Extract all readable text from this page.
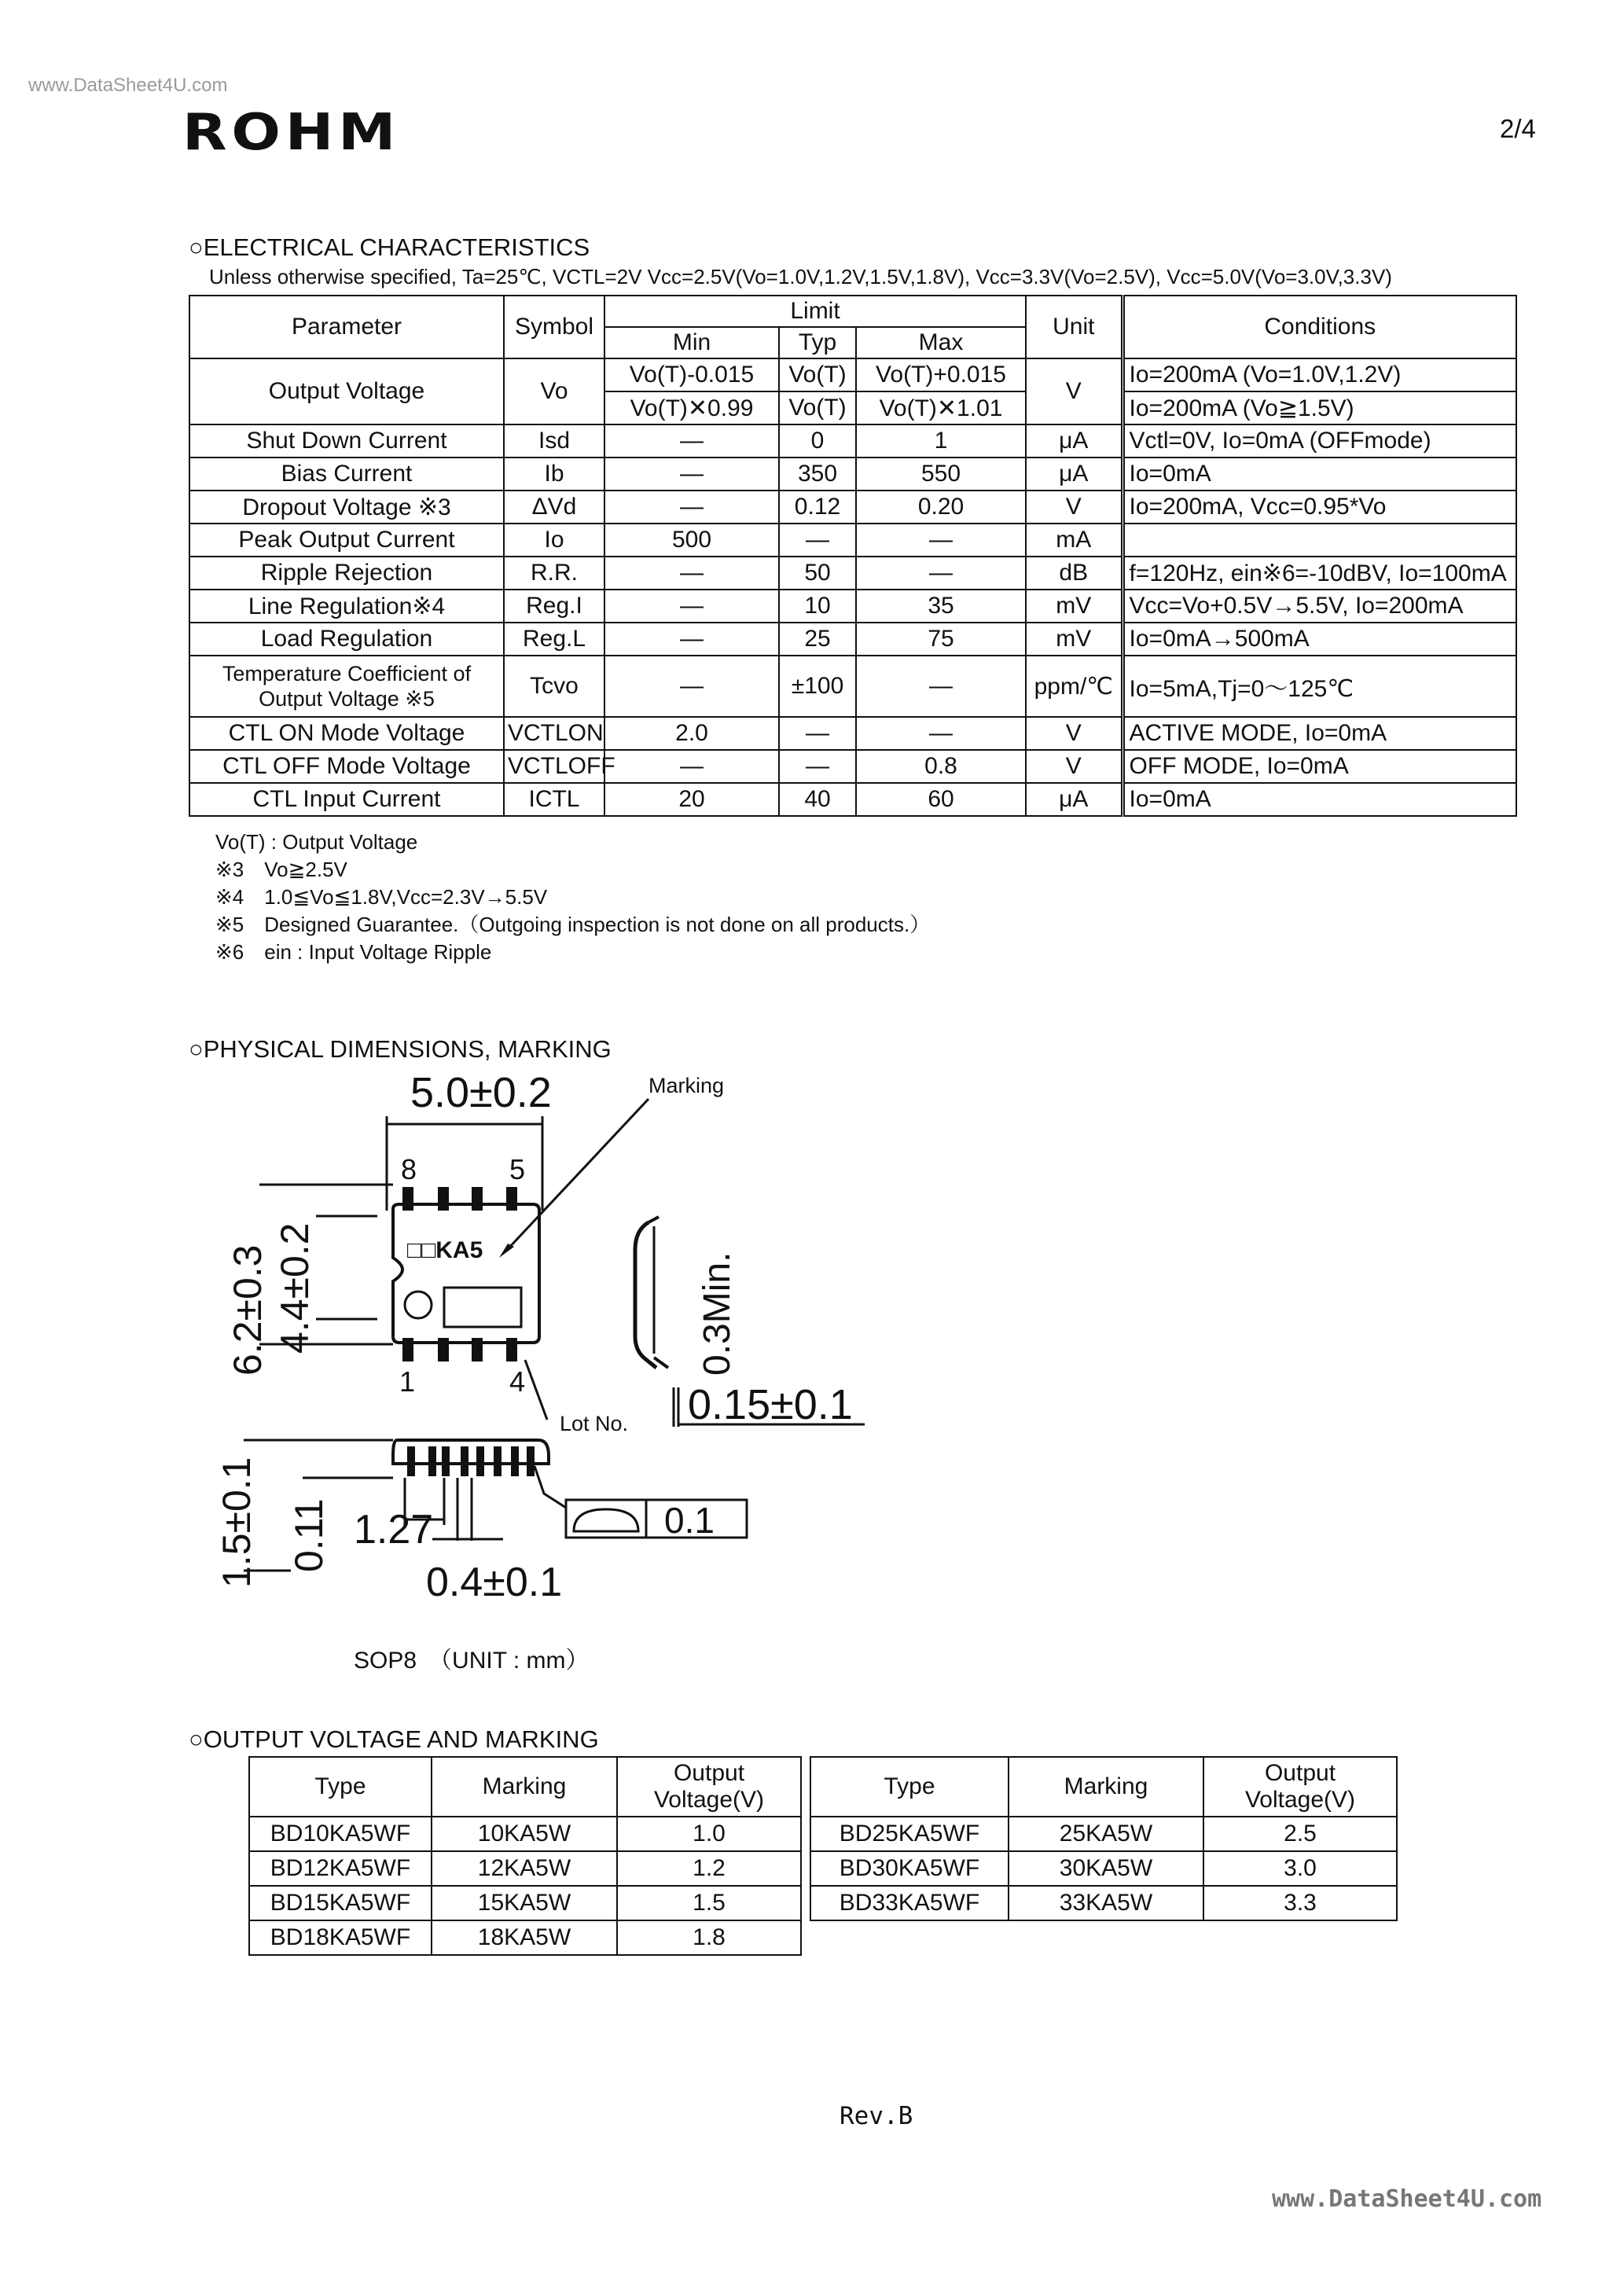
www.DataSheet4U.com
ROHM	2/4
○ELECTRICAL CHARACTERISTICS
Unless otherwise specified, Ta=25℃, VCTL=2V Vcc=2.5V(Vo=1.0V,1.2V,1.5V,1.8V), Vcc=3.3V(Vo=2.5V), Vcc=5.0V(Vo=3.0V,3.3V)
Parameter	Symbol	Limit			Unit	Conditions
		Min	Typ	Max		
Output Voltage	Vo	Vo(T)-0.015	Vo(T)	Vo(T)+0.015	V	Io=200mA (Vo=1.0V,1.2V)
		Vo(T)✕0.99	Vo(T)	Vo(T)✕1.01		Io=200mA (Vo≧1.5V)
Shut Down Current	Isd	—	0	1	μA	Vctl=0V, Io=0mA (OFFmode)
Bias Current	Ib	—	350	550	μA	Io=0mA
Dropout Voltage ※3	ΔVd	—	0.12	0.20	V	Io=200mA, Vcc=0.95*Vo
Peak Output Current	Io	500	—	—	mA	
Ripple Rejection	R.R.	—	50	—	dB	f=120Hz, ein※6=-10dBV, Io=100mA
Line Regulation※4	Reg.I	—	10	35	mV	Vcc=Vo+0.5V→5.5V, Io=200mA
Load Regulation	Reg.L	—	25	75	mV	Io=0mA→500mA

Temperature Coefficient of
Output Voltage ※5	Tcvo	—	±100	—	ppm/℃	Io=5mA,Tj=0～125℃
CTL ON Mode Voltage	VCTLON	2.0	—	—	V	ACTIVE MODE, Io=0mA
CTL OFF Mode Voltage	VCTLOFF	—	—	0.8	V	OFF MODE, Io=0mA
CTL Input Current	ICTL	20	40	60	μA	Io=0mA
Vo(T) : Output Voltage
※3　Vo≧2.5V
※4　1.0≦Vo≦1.8V,Vcc=2.3V→5.5V
※5　Designed Guarantee.（Outgoing inspection is not done on all products.）
※6　ein : Input Voltage Ripple
○PHYSICAL DIMENSIONS, MARKING
5.0±0.2	Marking
8	5
1	4
□□KA5
6.2±0.3 4.4±0.2	0.3Min.
0.15±0.1
Lot No.
1.5±0.1 0.11 1.27
0.4±0.1
0.1
SOP8　（UNIT : mm）
○OUTPUT VOLTAGE AND MARKING
Type	Marking	Output
Voltage(V)

BD10KA5WF	10KA5W	1.0
BD12KA5WF	12KA5W	1.2
BD15KA5WF	15KA5W	1.5
BD18KA5WF	18KA5W	1.8
Type	Marking	Output
Voltage(V)

BD25KA5WF	25KA5W	2.5
BD30KA5WF	30KA5W	3.0
BD33KA5WF	33KA5W	3.3
Rev.B
www.DataSheet4U.com
